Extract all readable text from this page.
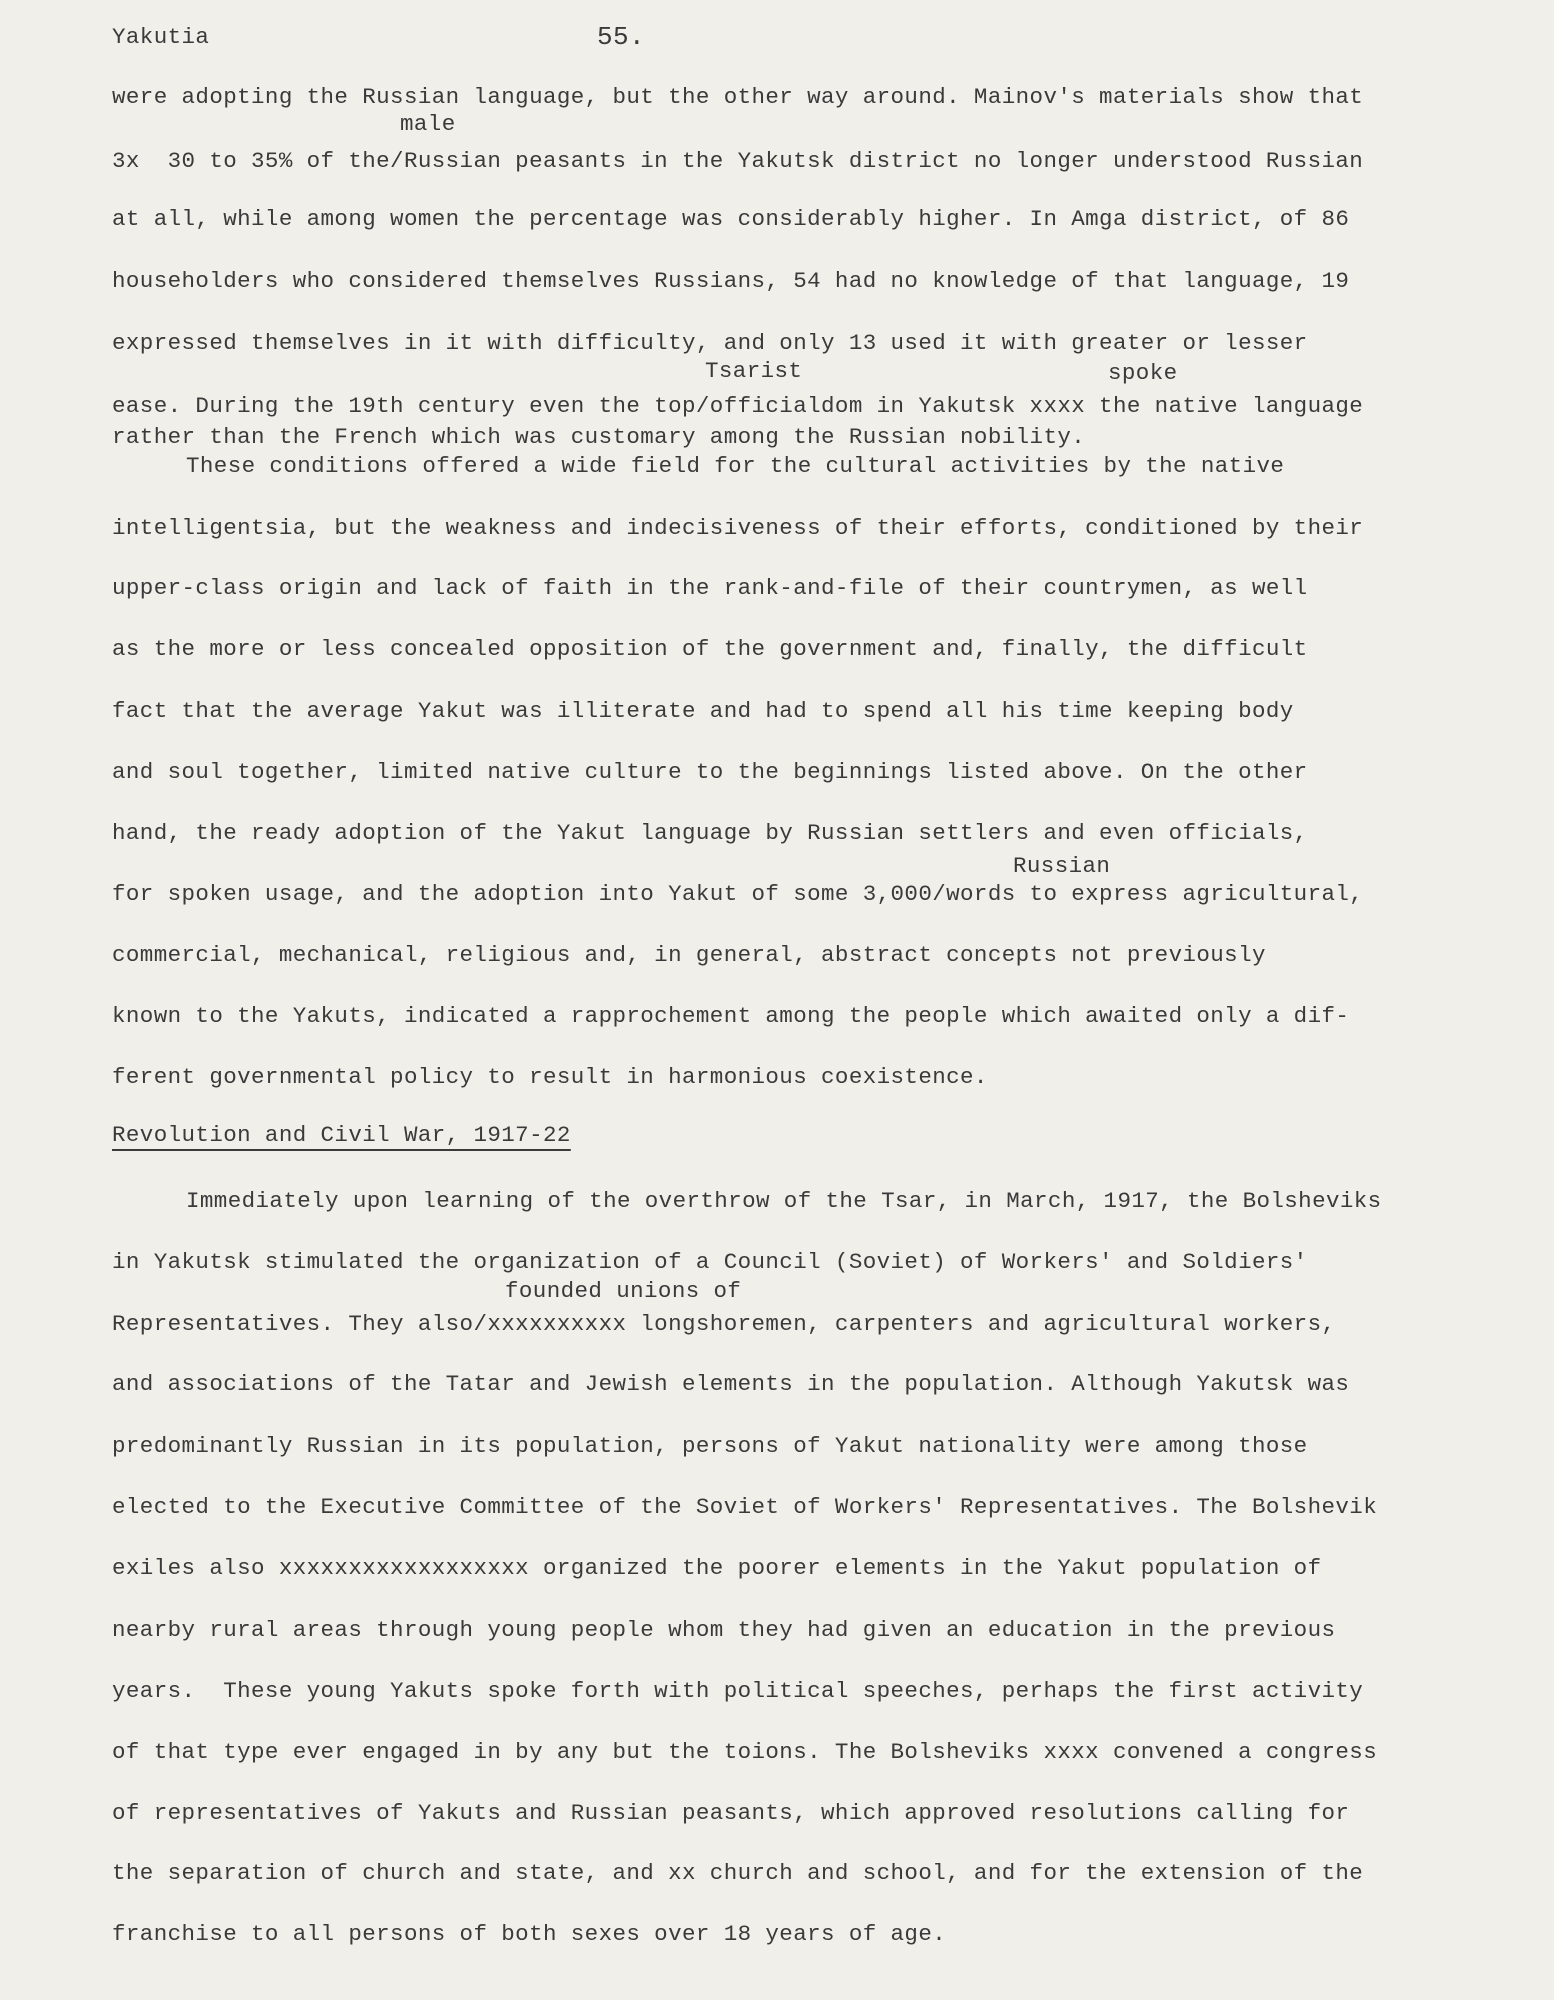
Yakutia	55.
were adopting the Russian language, but the other way around. Mainov's materials show that
male
3x  30 to 35% of the/Russian peasants in the Yakutsk district no longer understood Russian
at all, while among women the percentage was considerably higher. In Amga district, of 86
householders who considered themselves Russians, 54 had no knowledge of that language, 19
expressed themselves in it with difficulty, and only 13 used it with greater or lesser
Tsarist	spoke
ease. During the 19th century even the top/officialdom in Yakutsk xxxx the native language
rather than the French which was customary among the Russian nobility.
These conditions offered a wide field for the cultural activities by the native
intelligentsia, but the weakness and indecisiveness of their efforts, conditioned by their
upper-class origin and lack of faith in the rank-and-file of their countrymen, as well
as the more or less concealed opposition of the government and, finally, the difficult
fact that the average Yakut was illiterate and had to spend all his time keeping body
and soul together, limited native culture to the beginnings listed above. On the other
hand, the ready adoption of the Yakut language by Russian settlers and even officials,
Russian
for spoken usage, and the adoption into Yakut of some 3,000/words to express agricultural,
commercial, mechanical, religious and, in general, abstract concepts not previously
known to the Yakuts, indicated a rapprochement among the people which awaited only a dif-
ferent governmental policy to result in harmonious coexistence.
Revolution and Civil War, 1917-22
Immediately upon learning of the overthrow of the Tsar, in March, 1917, the Bolsheviks
in Yakutsk stimulated the organization of a Council (Soviet) of Workers' and Soldiers'
founded unions of
Representatives. They also/xxxxxxxxxx longshoremen, carpenters and agricultural workers,
and associations of the Tatar and Jewish elements in the population. Although Yakutsk was
predominantly Russian in its population, persons of Yakut nationality were among those
elected to the Executive Committee of the Soviet of Workers' Representatives. The Bolshevik
exiles also xxxxxxxxxxxxxxxxxx organized the poorer elements in the Yakut population of
nearby rural areas through young people whom they had given an education in the previous
years.  These young Yakuts spoke forth with political speeches, perhaps the first activity
of that type ever engaged in by any but the toions. The Bolsheviks xxxx convened a congress
of representatives of Yakuts and Russian peasants, which approved resolutions calling for
the separation of church and state, and xx church and school, and for the extension of the
franchise to all persons of both sexes over 18 years of age.
